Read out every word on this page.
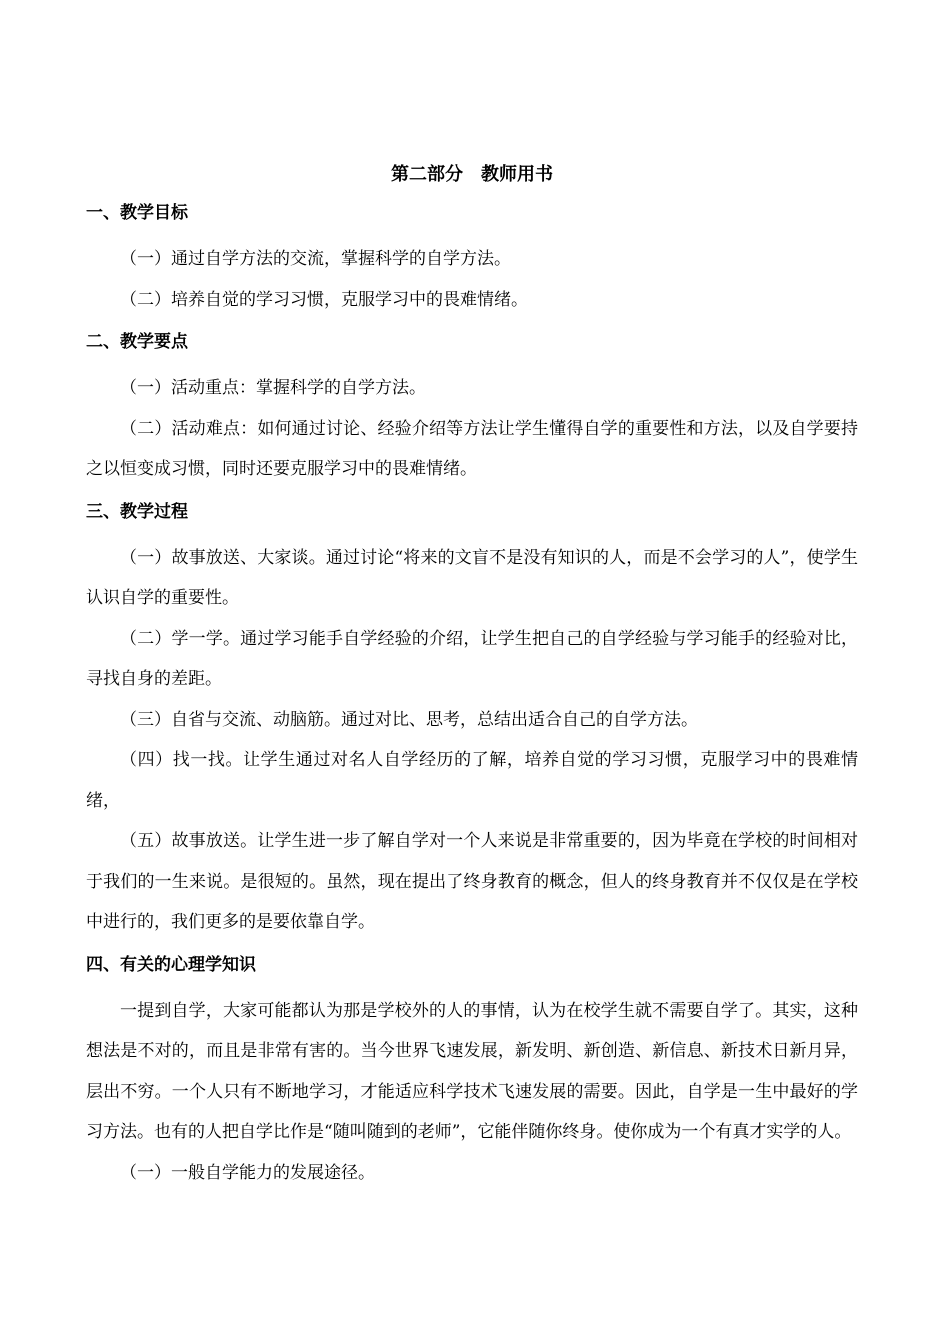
第二部分　教师用书
一、教学目标

（一）通过自学方法的交流，掌握科学的自学方法。

（二）培养自觉的学习习惯，克服学习中的畏难情绪。

二、教学要点

（一）活动重点：掌握科学的自学方法。

（二）活动难点：如何通过讨论、经验介绍等方法让学生懂得自学的重要性和方法，以及自学要持之以恒变成习惯，同时还要克服学习中的畏难情绪。

三、教学过程

（一）故事放送、大家谈。通过讨论“将来的文盲不是没有知识的人，而是不会学习的人”，使学生认识自学的重要性。

（二）学一学。通过学习能手自学经验的介绍，让学生把自己的自学经验与学习能手的经验对比，寻找自身的差距。

（三）自省与交流、动脑筋。通过对比、思考，总结出适合自己的自学方法。

（四）找一找。让学生通过对名人自学经历的了解，培养自觉的学习习惯，克服学习中的畏难情绪，

（五）故事放送。让学生进一步了解自学对一个人来说是非常重要的，因为毕竟在学校的时间相对于我们的一生来说。是很短的。虽然，现在提出了终身教育的概念，但人的终身教育并不仅仅是在学校中进行的，我们更多的是要依靠自学。

四、有关的心理学知识

一提到自学，大家可能都认为那是学校外的人的事情，认为在校学生就不需要自学了。其实，这种想法是不对的，而且是非常有害的。当今世界飞速发展，新发明、新创造、新信息、新技术日新月异，层出不穷。一个人只有不断地学习，才能适应科学技术飞速发展的需要。因此，自学是一生中最好的学习方法。也有的人把自学比作是“随叫随到的老师”，它能伴随你终身。使你成为一个有真才实学的人。

（一）一般自学能力的发展途径。
